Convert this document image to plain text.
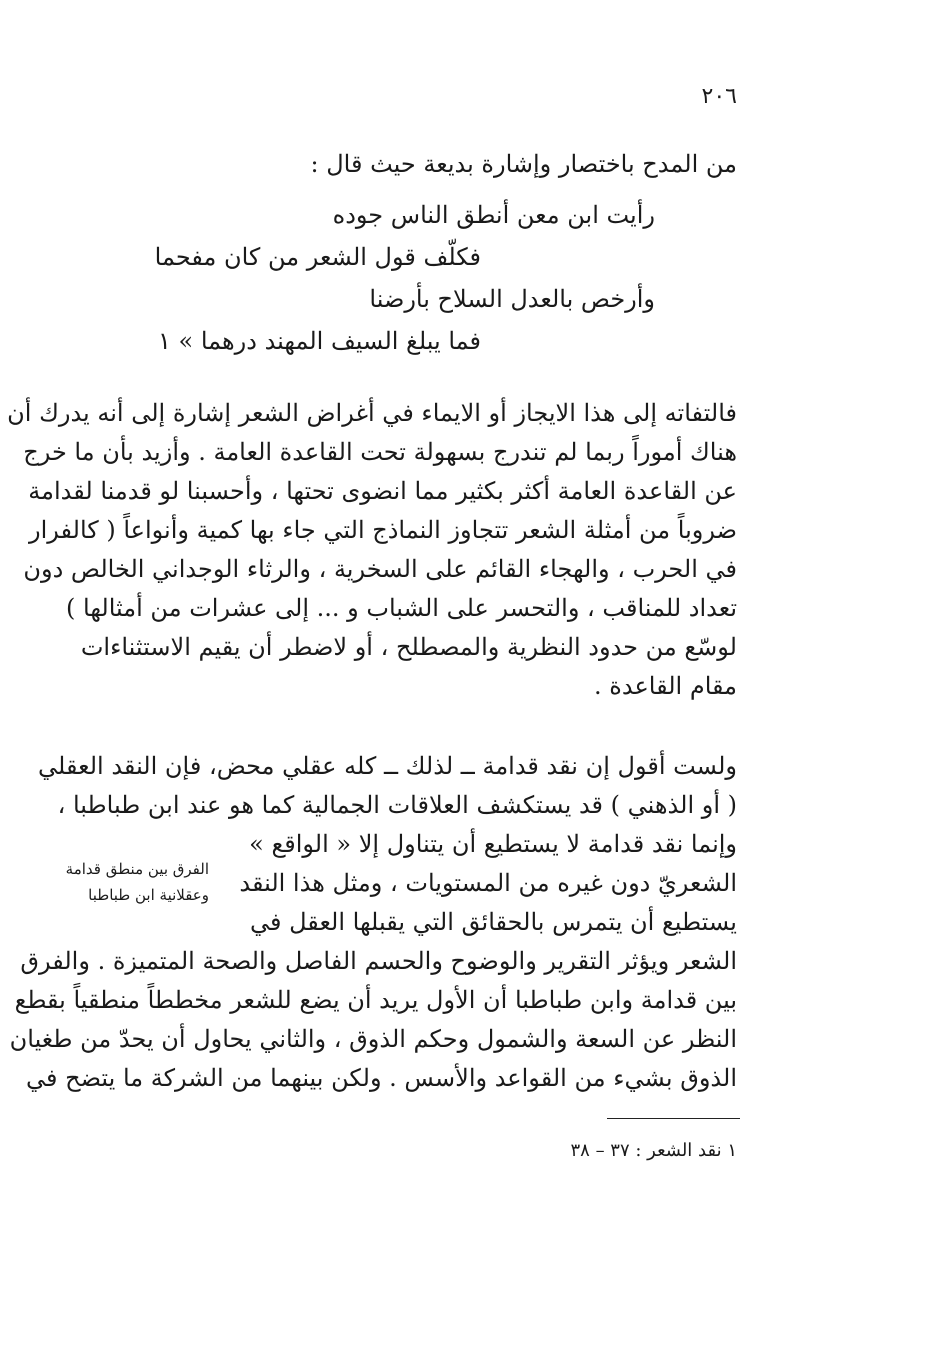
٢٠٦
من المدح باختصار وإشارة بديعة حيث قال :
رأيت ابن معن أنطق الناس جوده
فكلّف قول الشعر من كان مفحما
وأرخص بالعدل السلاح بأرضنا
فما يبلغ السيف المهند درهما » ١
فالتفاته إلى هذا الايجاز أو الايماء في أغراض الشعر إشارة إلى أنه يدرك أن
هناك أموراً ربما لم تندرج بسهولة تحت القاعدة العامة . وأزيد بأن ما خرج
عن القاعدة العامة أكثر بكثير مما انضوى تحتها ، وأحسبنا لو قدمنا لقدامة
ضروباً من أمثلة الشعر تتجاوز النماذج التي جاء بها كمية وأنواعاً ( كالفرار
في الحرب ، والهجاء القائم على السخرية ، والرثاء الوجداني الخالص دون
تعداد للمناقب ، والتحسر على الشباب و ... إلى عشرات من أمثالها )
لوسّع من حدود النظرية والمصطلح ، أو لاضطر أن يقيم الاستثناءات
مقام القاعدة .
ولست أقول إن نقد قدامة ــ لذلك ــ كله عقلي محض، فإن النقد العقلي
( أو الذهني ) قد يستكشف العلاقات الجمالية كما هو عند ابن طباطبا ،
وإنما نقد قدامة لا يستطيع أن يتناول إلا « الواقع »
الشعريّ دون غيره من المستويات ، ومثل هذا النقد
يستطيع أن يتمرس بالحقائق التي يقبلها العقل في
الفرق بين منطق قدامة
وعقلانية ابن طباطبا
الشعر ويؤثر التقرير والوضوح والحسم الفاصل والصحة المتميزة . والفرق
بين قدامة وابن طباطبا أن الأول يريد أن يضع للشعر مخططاً منطقياً بقطع
النظر عن السعة والشمول وحكم الذوق ، والثاني يحاول أن يحدّ من طغيان
الذوق بشيء من القواعد والأسس . ولكن بينهما من الشركة ما يتضح في
١ نقد الشعر : ٣٧ – ٣٨
